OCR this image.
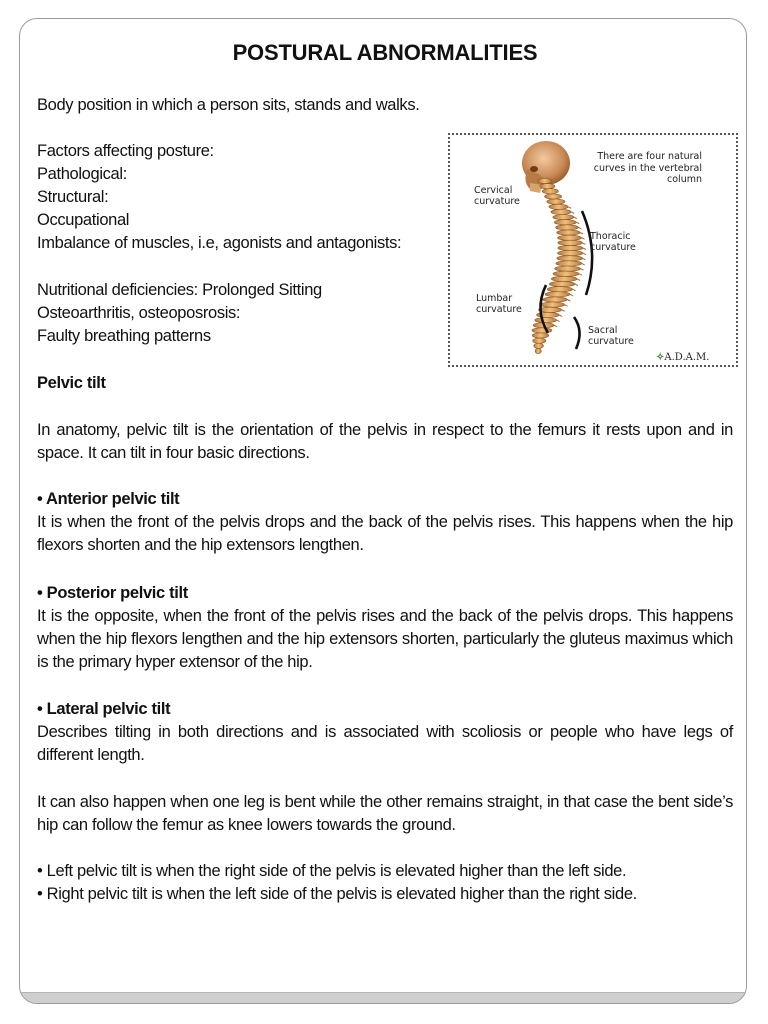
POSTURAL ABNORMALITIES

Body position in which a person sits, stands and walks.

Factors affecting posture:
Pathological:
Structural:
Occupational
Imbalance of muscles, i.e, agonists and antagonists:
Nutritional deficiencies: Prolonged Sitting
Osteoarthritis, osteoposrosis:
Faulty breathing patterns
There are four natural curves in the vertebral column
Cervical curvature
Thoracic curvature
Lumbar curvature
Sacral curvature
✧A.D.A.M.

Pelvic tilt

In anatomy, pelvic tilt is the orientation of the pelvis in respect to the femurs it rests upon and in space. It can tilt in four basic directions.

• Anterior pelvic tilt

It is when the front of the pelvis drops and the back of the pelvis rises. This happens when the hip flexors shorten and the hip extensors lengthen.

• Posterior pelvic tilt

It is the opposite, when the front of the pelvis rises and the back of the pelvis drops. This happens when the hip flexors lengthen and the hip extensors shorten, particularly the gluteus maximus which is the primary hyper extensor of the hip.

• Lateral pelvic tilt

Describes tilting in both directions and is associated with scoliosis or people who have legs of different length.

It can also happen when one leg is bent while the other remains straight, in that case the bent side’s hip can follow the femur as knee lowers towards the ground.

• Left pelvic tilt is when the right side of the pelvis is elevated higher than the left side.
• Right pelvic tilt is when the left side of the pelvis is elevated higher than the right side.
